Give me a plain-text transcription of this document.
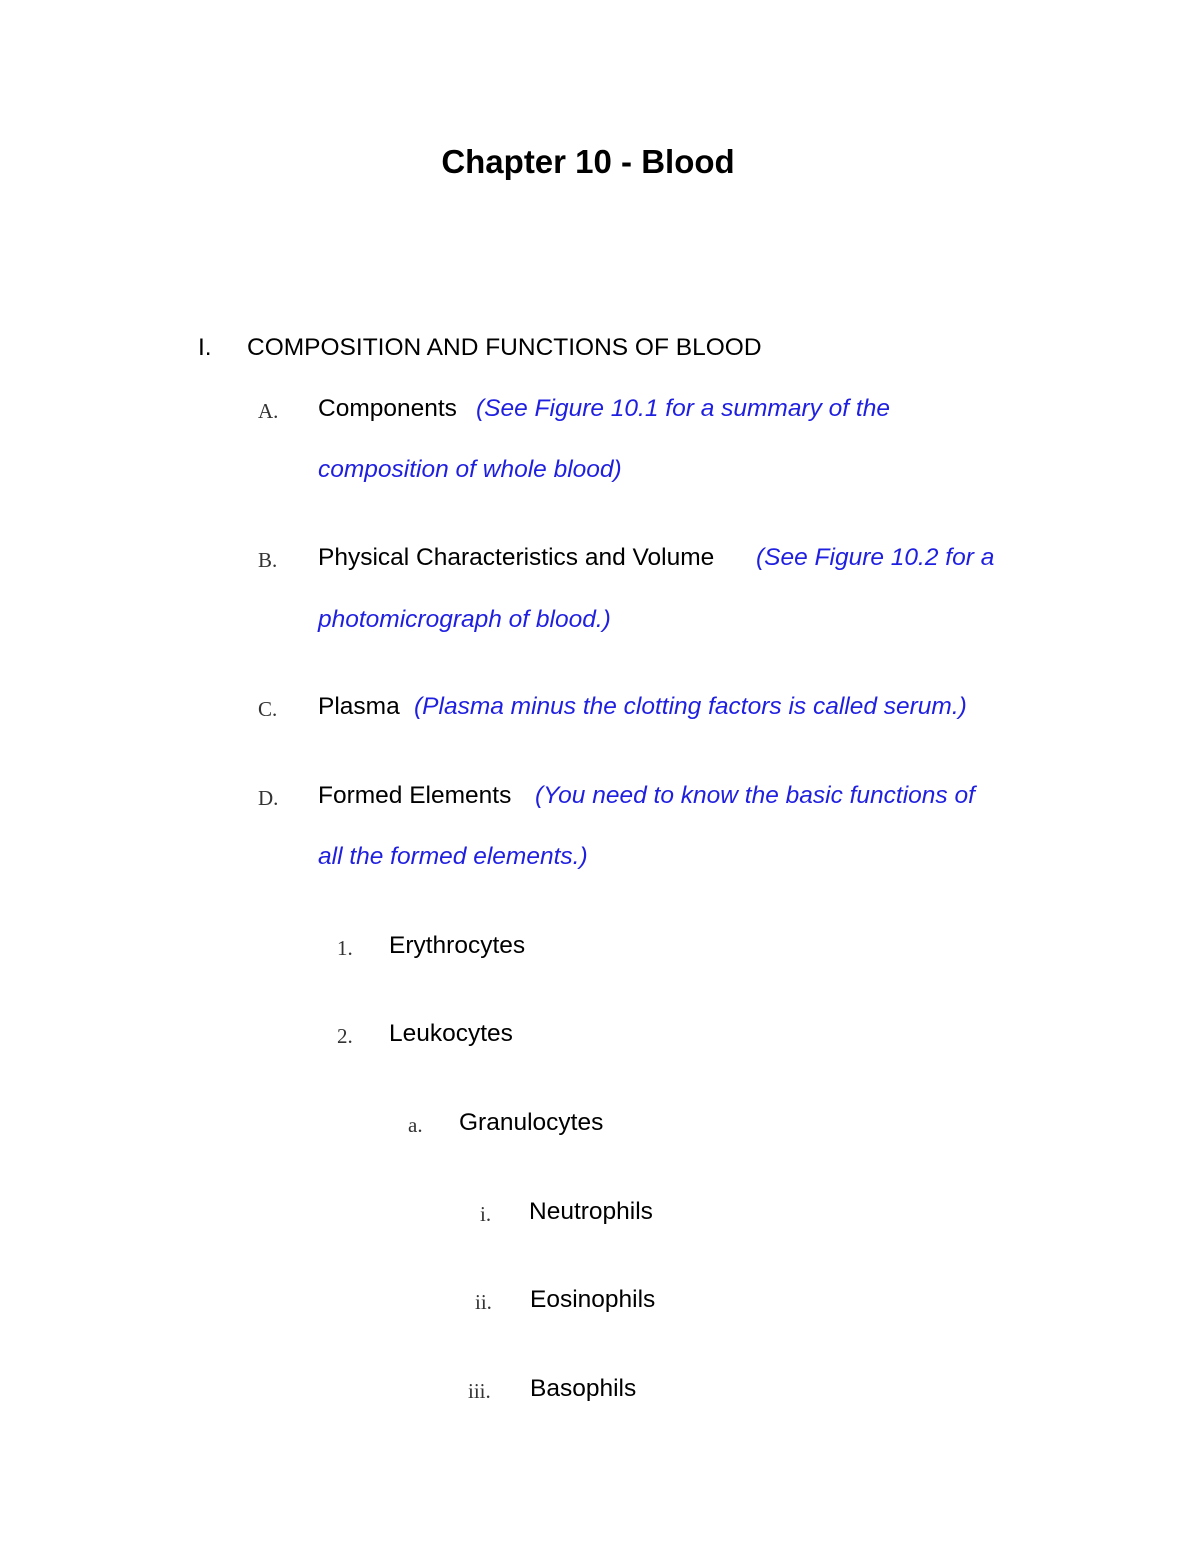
Chapter 10 - Blood
I. COMPOSITION AND FUNCTIONS OF BLOOD
A. Components (See Figure 10.1 for a summary of the
composition of whole blood)
B. Physical Characteristics and Volume (See Figure 10.2 for a
photomicrograph of blood.)
C. Plasma (Plasma minus the clotting factors is called serum.)
D. Formed Elements (You need to know the basic functions of
all the formed elements.)
1. Erythrocytes
2. Leukocytes
a. Granulocytes
i. Neutrophils
ii. Eosinophils
iii. Basophils
